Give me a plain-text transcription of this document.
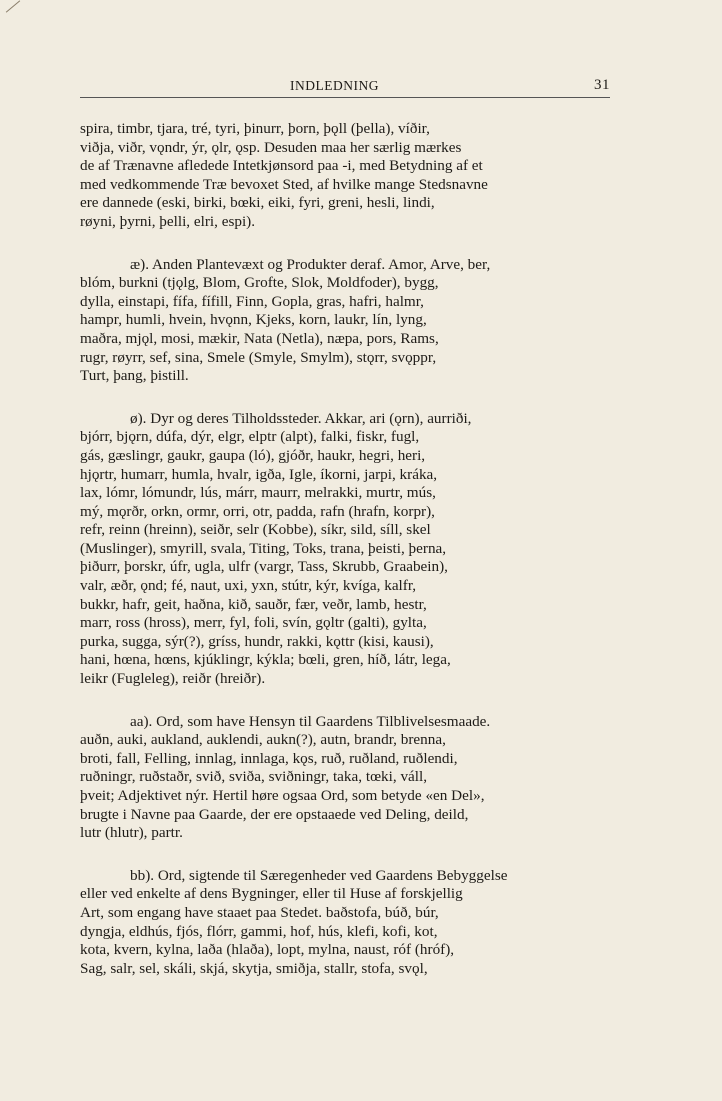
INDLEDNING	31

spira, timbr, tjara, tré, tyri, þinurr, þorn, þǫll (þella), víðir,
viðja, viðr, vǫndr, ýr, ǫlr, ǫsp. Desuden maa her særlig mærkes
de af Trænavne afledede Intetkjønsord paa -i, med Betydning af et
med vedkommende Træ bevoxet Sted, af hvilke mange Stedsnavne
ere dannede (eski, birki, bœki, eiki, fyri, greni, hesli, lindi,
røyni, þyrni, þelli, elri, espi).

æ). Anden Plantevæxt og Produkter deraf. Amor, Arve, ber,
blóm, burkni (tjǫlg, Blom, Grofte, Slok, Moldfoder), bygg,
dylla, einstapi, fífa, fífill, Finn, Gopla, gras, hafri, halmr,
hampr, humli, hvein, hvǫnn, Kjeks, korn, laukr, lín, lyng,
maðra, mjǫl, mosi, mækir, Nata (Netla), næpa, pors, Rams,
rugr, røyrr, sef, sina, Smele (Smyle, Smylm), stǫrr, svǫppr,
Turt, þang, þistill.

ø). Dyr og deres Tilholdssteder. Akkar, ari (ǫrn), aurriði,
bjórr, bjǫrn, dúfa, dýr, elgr, elptr (alpt), falki, fiskr, fugl,
gás, gæslingr, gaukr, gaupa (ló), gjóðr, haukr, hegri, heri,
hjǫrtr, humarr, humla, hvalr, igða, Igle, íkorni, jarpi, kráka,
lax, lómr, lómundr, lús, márr, maurr, melrakki, murtr, mús,
mý, mǫrðr, orkn, ormr, orri, otr, padda, rafn (hrafn, korpr),
refr, reinn (hreinn), seiðr, selr (Kobbe), síkr, sild, síll, skel
(Muslinger), smyrill, svala, Titing, Toks, trana, þeisti, þerna,
þiðurr, þorskr, úfr, ugla, ulfr (vargr, Tass, Skrubb, Graabein),
valr, æðr, ǫnd; fé, naut, uxi, yxn, stútr, kýr, kvíga, kalfr,
bukkr, hafr, geit, haðna, kið, sauðr, fær, veðr, lamb, hestr,
marr, ross (hross), merr, fyl, foli, svín, gǫltr (galti), gylta,
purka, sugga, sýr(?), gríss, hundr, rakki, kǫttr (kisi, kausi),
hani, hœna, hœns, kjúklingr, kýkla; bœli, gren, híð, látr, lega,
leikr (Fugleleg), reiðr (hreiðr).

aa). Ord, som have Hensyn til Gaardens Tilblivelsesmaade.
auðn, auki, aukland, auklendi, aukn(?), autn, brandr, brenna,
broti, fall, Felling, innlag, innlaga, kǫs, ruð, ruðland, ruðlendi,
ruðningr, ruðstaðr, svið, sviða, sviðningr, taka, tœki, váll,
þveit; Adjektivet nýr. Hertil høre ogsaa Ord, som betyde «en Del»,
brugte i Navne paa Gaarde, der ere opstaaede ved Deling, deild,
lutr (hlutr), partr.

bb). Ord, sigtende til Særegenheder ved Gaardens Bebyggelse
eller ved enkelte af dens Bygninger, eller til Huse af forskjellig
Art, som engang have staaet paa Stedet. baðstofa, búð, búr,
dyngja, eldhús, fjós, flórr, gammi, hof, hús, klefi, kofi, kot,
kota, kvern, kylna, laða (hlaða), lopt, mylna, naust, róf (hróf),
Sag, salr, sel, skáli, skjá, skytja, smiðja, stallr, stofa, svǫl,
